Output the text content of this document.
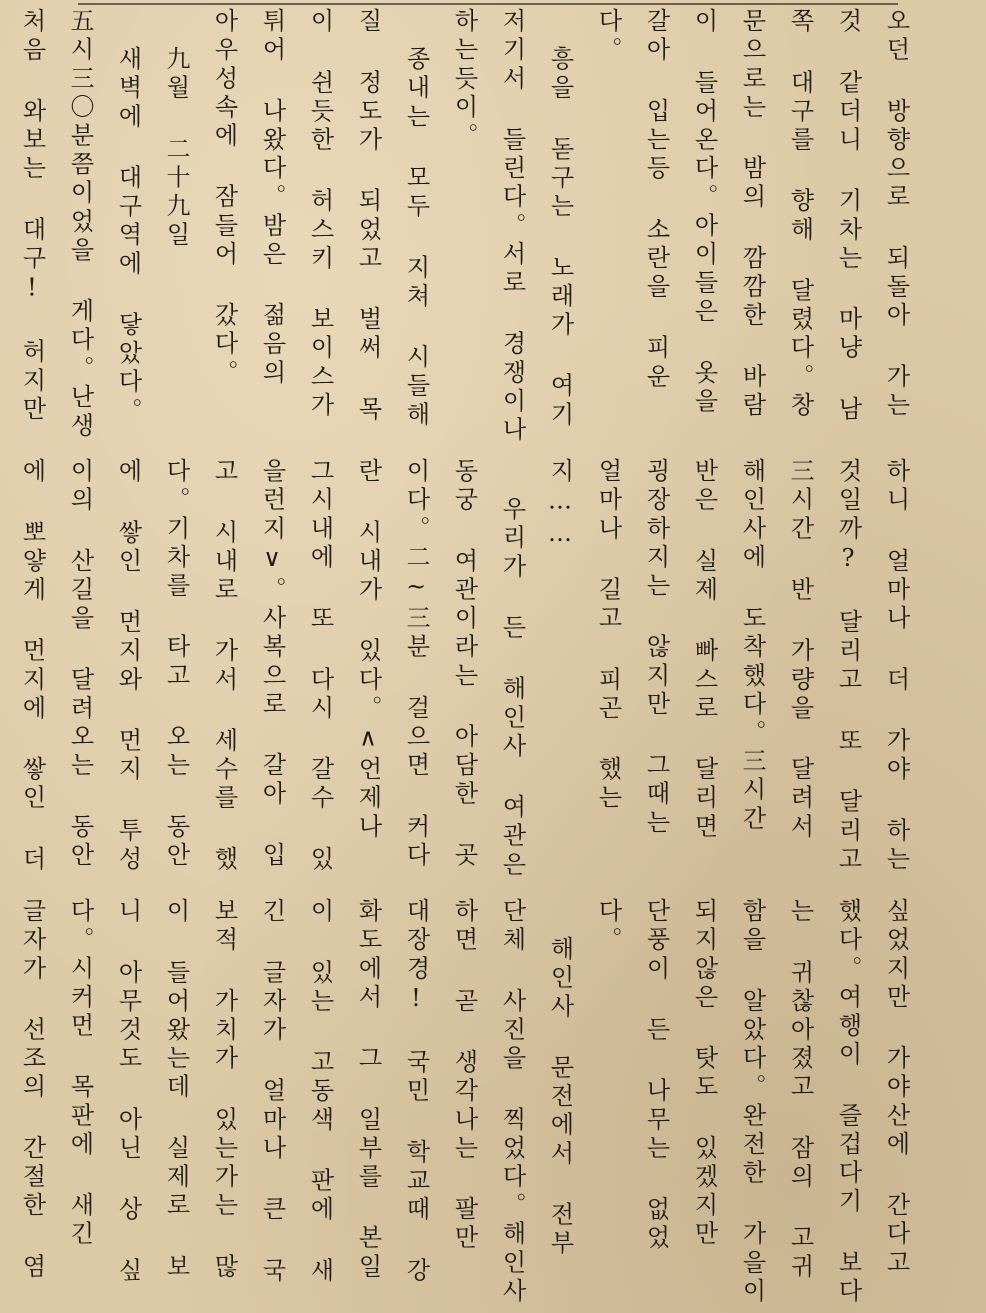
오던 방향으로 되돌아 가는 것 같더니 기차는 마냥 남쪽 대구를 향해 달렸다。창문으로는 밤의 깜깜한 바람이 들어온다。아이들은 옷을 갈아 입는등 소란을 피운다。

흥을 돋구는 노래가 여기 저기서 들린다。서로 경쟁이나 하는듯이。

종내는 모두 지쳐 시들해 질 정도가 되었고 벌써 목이 쉰듯한 허스키 보이스가 튀어 나왔다。밤은 젊음의 아우성속에 잠들어 갔다。

九월 二十九일

새벽에 대구역에 닿았다。五시三〇분쯤이었을 게다。난생 처음 와보는 대구! 허지만

하니 얼마나 더 가야 하는 것일까? 달리고 또 달리고 三시간 반 가량을 달려서 해인사에 도착했다。三시간 반은 실제 빠스로 달리면 굉장하지는 않지만 그때는 얼마나 길고 피곤 했는지……

우리가 든 해인사 여관은 동궁 여관이라는 아담한 곳이다。二~三분 걸으면 커다란 시내가 있다。∧언제나 그시내에 또 다시 갈수 있을런지∨。사복으로 갈아 입고 시내로 가서 세수를 했다。기차를 타고 오는 동안에 쌓인 먼지와 먼지 투성이의 산길을 달려오는 동안에 뽀얗게 먼지에 쌓인 더

싶었지만 가야산에 간다고 했다。여행이 즐겁다기 보다는 귀찮아졌고 잠의 고귀함을 알았다。완전한 가을이 되지않은 탓도 있겠지만 단풍이 든 나무는 없었다。

해인사 문전에서 전부 단체 사진을 찍었다。해인사 하면 곧 생각나는 팔만 대장경! 국민 학교때 강화도에서 그 일부를 본일이 있는 고동색 판에 새긴 글자가 얼마나 큰 국보적 가치가 있는가는 많이 들어왔는데 실제로 보니 아무것도 아닌 상 싶다。시커먼 목판에 새긴 글자가 선조의 간절한 염
